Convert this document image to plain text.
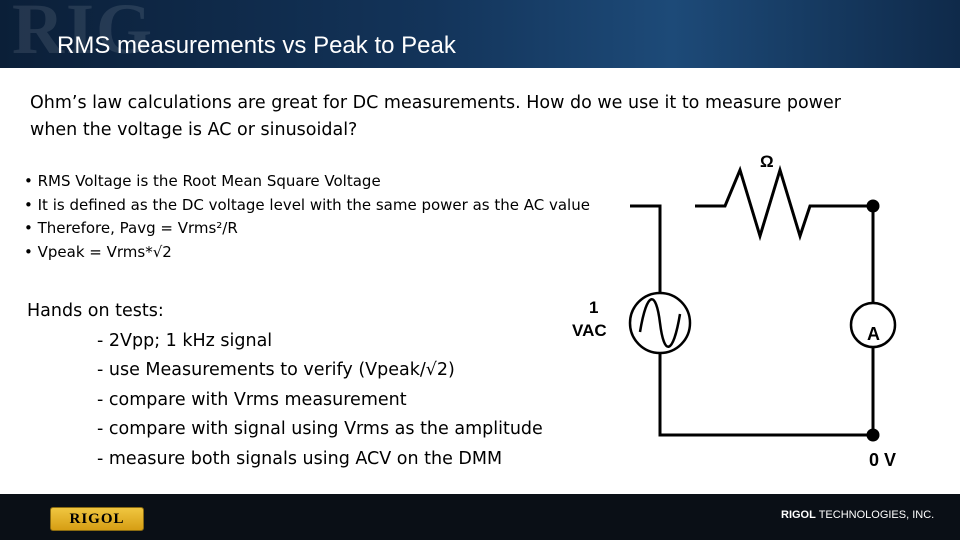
RIG
RMS measurements vs Peak to Peak
Ohm’s law calculations are great for DC measurements. How do we use it to measure power
when the voltage is AC or sinusoidal?
• RMS Voltage is the Root Mean Square Voltage
• It is defined as the DC voltage level with the same power as the AC value
• Therefore, Pavg = Vrms²/R
• Vpeak = Vrms*√2
Hands on tests:
- 2Vpp; 1 kHz signal
- use Measurements to verify (Vpeak/√2)
- compare with Vrms measurement
- compare with signal using Vrms as the amplitude
- measure both signals using ACV on the DMM
Ω
1
VAC	A
0 V
RIGOL	RIGOL TECHNOLOGIES, INC.
